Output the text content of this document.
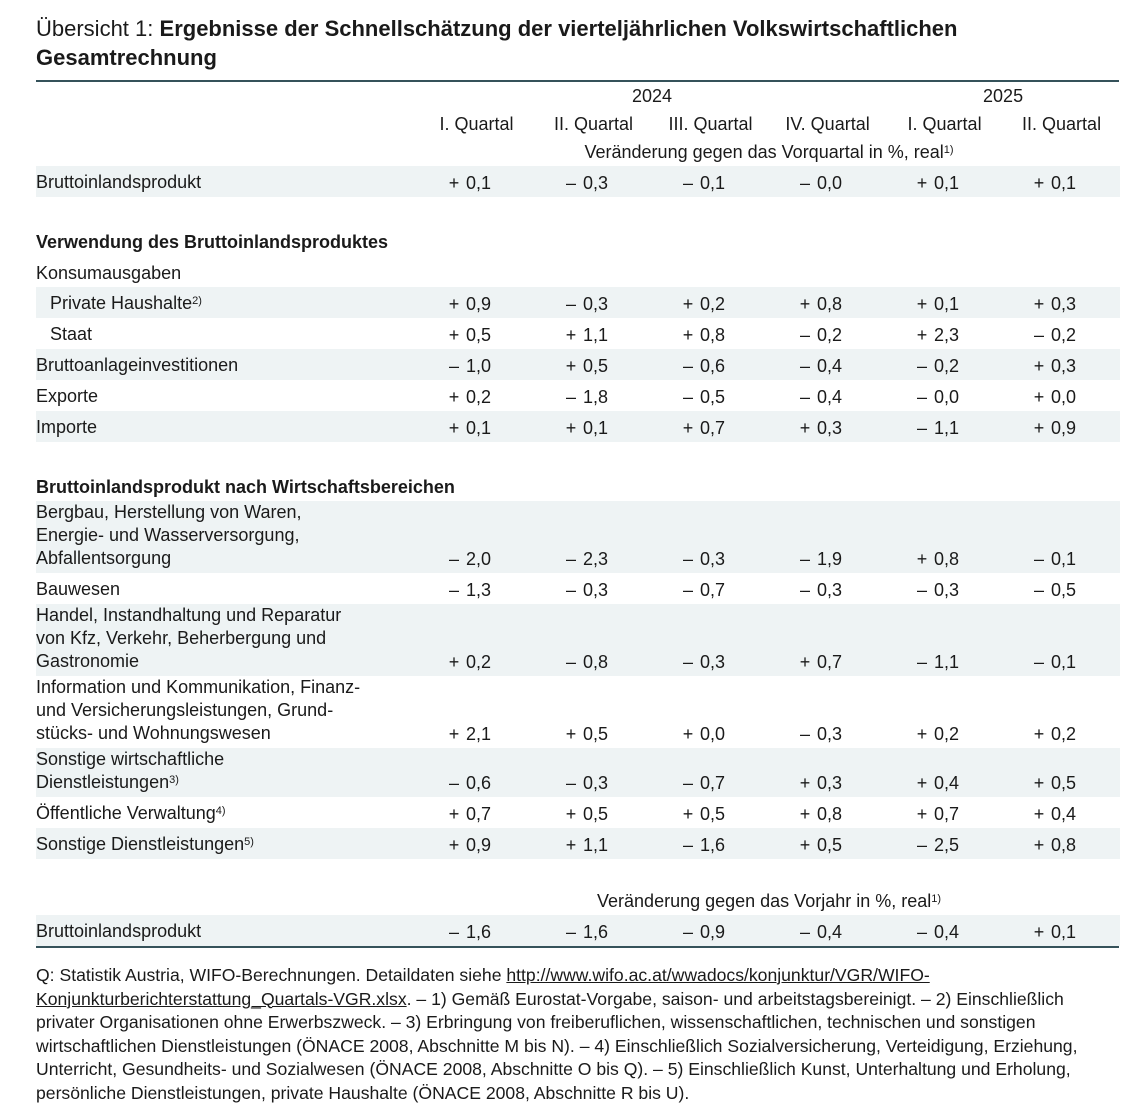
Übersicht 1: Ergebnisse der Schnellschätzung der vierteljährlichen Volkswirtschaftlichen Gesamtrechnung
	2024				2025	
	I. Quartal	II. Quartal	III. Quartal	IV. Quartal	I. Quartal	II. Quartal
	Veränderung gegen das Vorquartal in %, real$^{1)}$
Bruttoinlandsprodukt	+ 0,1	– 0,3	– 0,1	– 0,0	+ 0,1	+ 0,1

Verwendung des Bruttoinlandsproduktes						
Konsumausgaben						
Private Haushalte$^{2)}$	+ 0,9	– 0,3	+ 0,2	+ 0,8	+ 0,1	+ 0,3

Staat	+ 0,5	+ 1,1	+ 0,8	– 0,2	+ 2,3	– 0,2

Bruttoanlageinvestitionen	– 1,0	+ 0,5	– 0,6	– 0,4	– 0,2	+ 0,3

Exporte	+ 0,2	– 1,8	– 0,5	– 0,4	– 0,0	+ 0,0

Importe	+ 0,1	+ 0,1	+ 0,7	+ 0,3	– 1,1	+ 0,9

Bruttoinlandsprodukt nach Wirtschaftsbereichen						
Bergbau, Herstellung von Waren,
Energie- und Wasserversorgung,
Abfallentsorgung	– 2,0	– 2,3	– 0,3	– 1,9	+ 0,8	– 0,1

Bauwesen	– 1,3	– 0,3	– 0,7	– 0,3	– 0,3	– 0,5

Handel, Instandhaltung und Reparatur
von Kfz, Verkehr, Beherbergung und
Gastronomie	+ 0,2	– 0,8	– 0,3	+ 0,7	– 1,1	– 0,1

Information und Kommunikation, Finanz-
und Versicherungsleistungen, Grund-
stücks- und Wohnungswesen	+ 2,1	+ 0,5	+ 0,0	– 0,3	+ 0,2	+ 0,2

Sonstige wirtschaftliche
Dienstleistungen$^{3)}$	– 0,6	– 0,3	– 0,7	+ 0,3	+ 0,4	+ 0,5

Öffentliche Verwaltung$^{4)}$	+ 0,7	+ 0,5	+ 0,5	+ 0,8	+ 0,7	+ 0,4

Sonstige Dienstleistungen$^{5)}$	+ 0,9	+ 1,1	– 1,6	+ 0,5	– 2,5	+ 0,8

	Veränderung gegen das Vorjahr in %, real$^{1)}$
Bruttoinlandsprodukt	– 1,6	– 1,6	– 0,9	– 0,4	– 0,4	+ 0,1
Q: Statistik Austria, WIFO-Berechnungen. Detaildaten siehe http://www.wifo.ac.at/wwadocs/konjunktur/VGR/WIFO-Konjunkturberichterstattung_Quartals-VGR.xlsx. – 1) Gemäß Eurostat-Vorgabe, saison- und arbeitstagsbereinigt. – 2) Einschließlich privater Organisationen ohne Erwerbszweck. – 3) Erbringung von freiberuflichen, wissenschaftlichen, technischen und sonstigen wirtschaftlichen Dienstleistungen (ÖNACE 2008, Abschnitte M bis N). – 4) Einschließlich Sozialversicherung, Verteidigung, Erziehung, Unterricht, Gesundheits- und Sozialwesen (ÖNACE 2008, Abschnitte O bis Q). – 5) Einschließlich Kunst, Unterhaltung und Erholung, persönliche Dienstleistungen, private Haushalte (ÖNACE 2008, Abschnitte R bis U).
